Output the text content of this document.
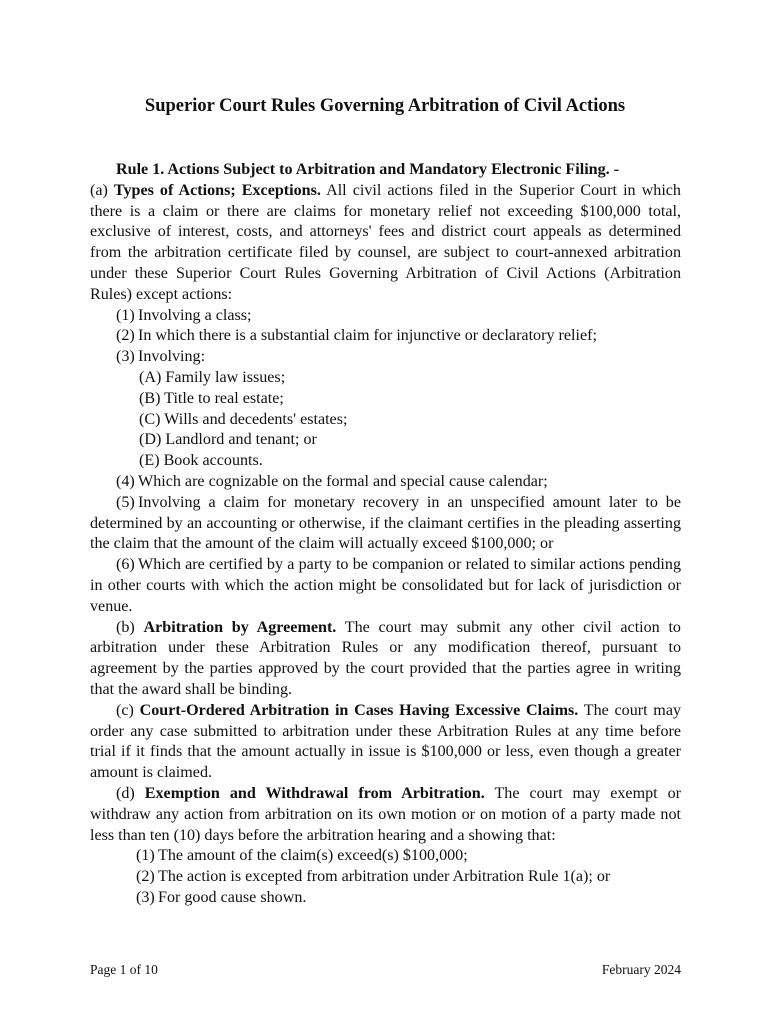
Superior Court Rules Governing Arbitration of Civil Actions

Rule 1. Actions Subject to Arbitration and Mandatory Electronic Filing. -
(a) Types of Actions; Exceptions. All civil actions filed in the Superior Court in which there is a claim or there are claims for monetary relief not exceeding $100,000 total, exclusive of interest, costs, and attorneys' fees and district court appeals as determined from the arbitration certificate filed by counsel, are subject to court-annexed arbitration under these Superior Court Rules Governing Arbitration of Civil Actions (Arbitration Rules) except actions:

(1) Involving a class;

(2) In which there is a substantial claim for injunctive or declaratory relief;

(3) Involving:

(A) Family law issues;

(B) Title to real estate;

(C) Wills and decedents' estates;

(D) Landlord and tenant; or

(E) Book accounts.

(4) Which are cognizable on the formal and special cause calendar;

(5) Involving a claim for monetary recovery in an unspecified amount later to be determined by an accounting or otherwise, if the claimant certifies in the pleading asserting the claim that the amount of the claim will actually exceed $100,000; or

(6) Which are certified by a party to be companion or related to similar actions pending in other courts with which the action might be consolidated but for lack of jurisdiction or venue.

(b) Arbitration by Agreement. The court may submit any other civil action to arbitration under these Arbitration Rules or any modification thereof, pursuant to agreement by the parties approved by the court provided that the parties agree in writing that the award shall be binding.

(c) Court-Ordered Arbitration in Cases Having Excessive Claims. The court may order any case submitted to arbitration under these Arbitration Rules at any time before trial if it finds that the amount actually in issue is $100,000 or less, even though a greater amount is claimed.

(d) Exemption and Withdrawal from Arbitration. The court may exempt or withdraw any action from arbitration on its own motion or on motion of a party made not less than ten (10) days before the arbitration hearing and a showing that:

(1) The amount of the claim(s) exceed(s) $100,000;

(2) The action is excepted from arbitration under Arbitration Rule 1(a); or

(3) For good cause shown.

Page 1 of 10	February 2024
